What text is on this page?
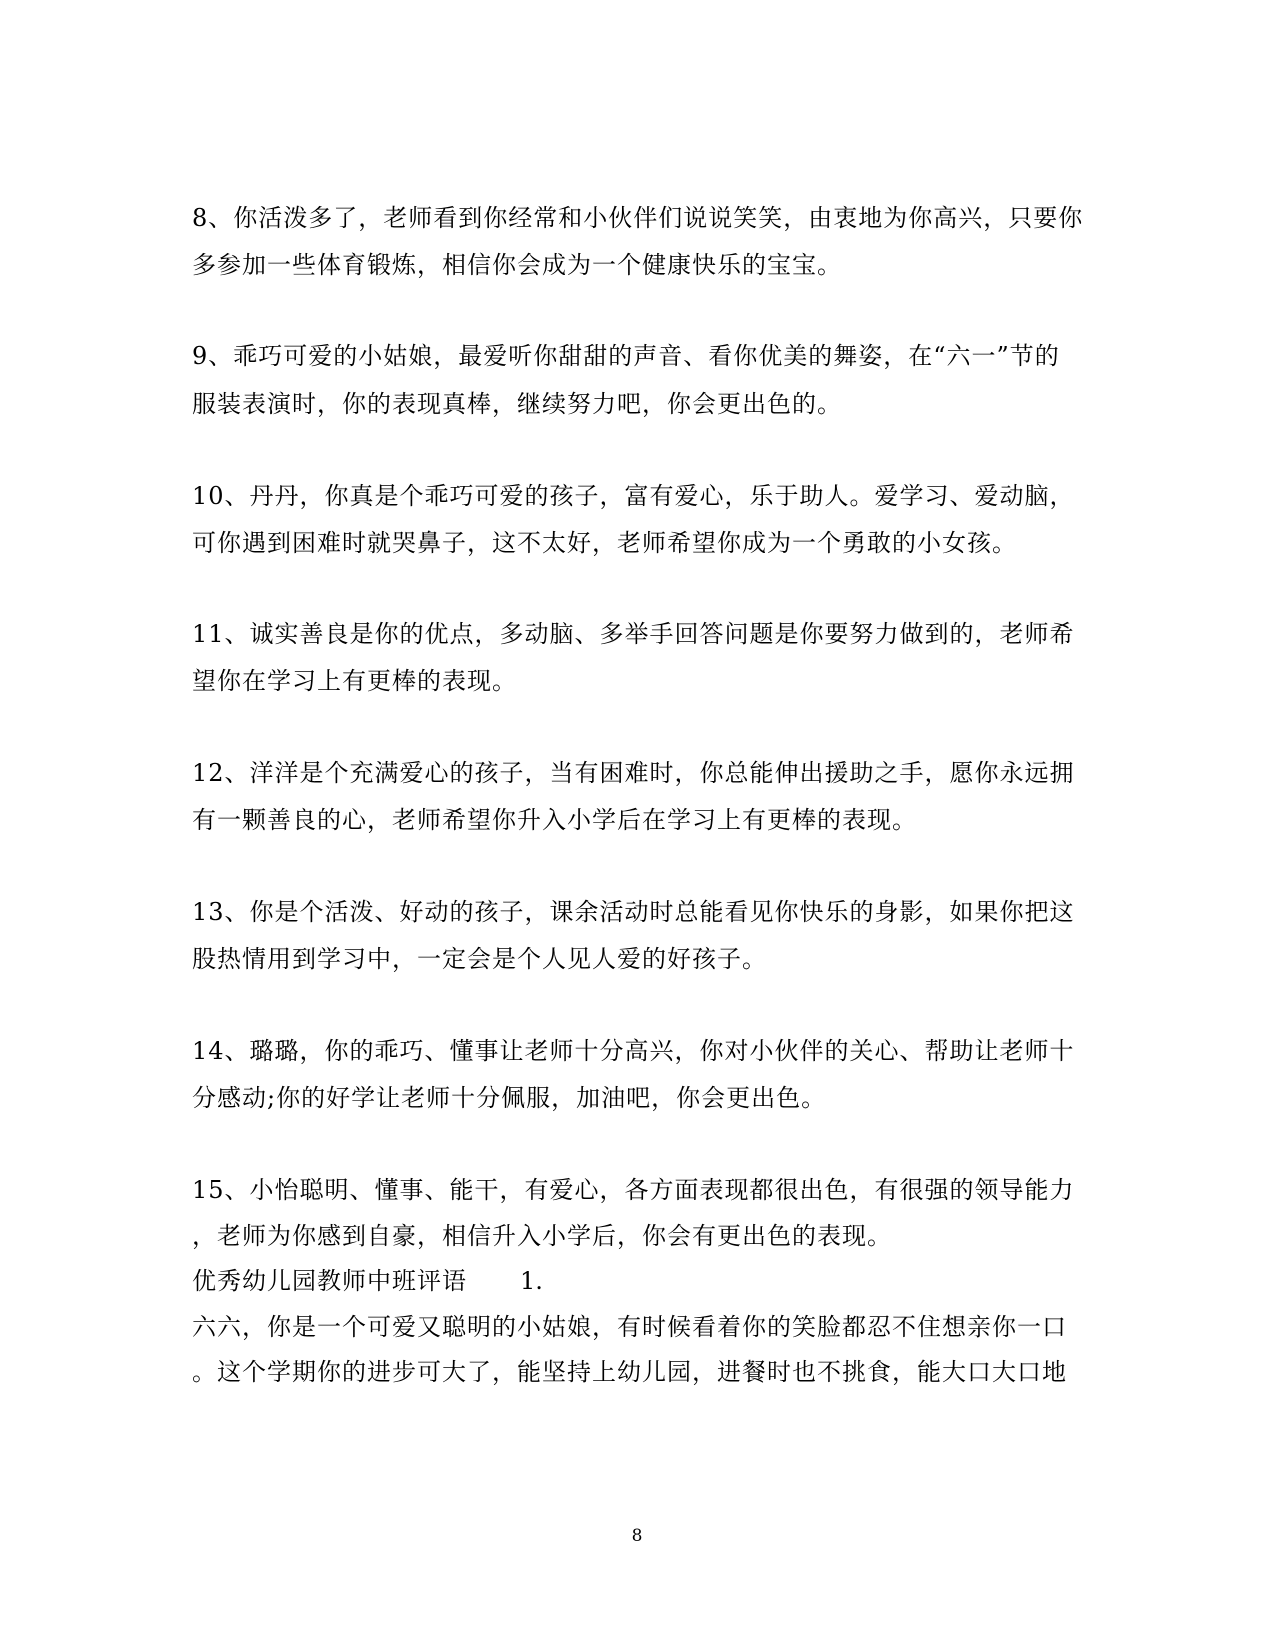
8、你活泼多了，老师看到你经常和小伙伴们说说笑笑，由衷地为你高兴，只要你
多参加一些体育锻炼，相信你会成为一个健康快乐的宝宝。
9、乖巧可爱的小姑娘，最爱听你甜甜的声音、看你优美的舞姿，在“六一”节的
服装表演时，你的表现真棒，继续努力吧，你会更出色的。
10、丹丹，你真是个乖巧可爱的孩子，富有爱心，乐于助人。爱学习、爱动脑，
可你遇到困难时就哭鼻子，这不太好，老师希望你成为一个勇敢的小女孩。
11、诚实善良是你的优点，多动脑、多举手回答问题是你要努力做到的，老师希
望你在学习上有更棒的表现。
12、洋洋是个充满爱心的孩子，当有困难时，你总能伸出援助之手，愿你永远拥
有一颗善良的心，老师希望你升入小学后在学习上有更棒的表现。
13、你是个活泼、好动的孩子，课余活动时总能看见你快乐的身影，如果你把这
股热情用到学习中，一定会是个人见人爱的好孩子。
14、璐璐，你的乖巧、懂事让老师十分高兴，你对小伙伴的关心、帮助让老师十
分感动;你的好学让老师十分佩服，加油吧，你会更出色。
15、小怡聪明、懂事、能干，有爱心，各方面表现都很出色，有很强的领导能力
，老师为你感到自豪，相信升入小学后，你会有更出色的表现。
优秀幼儿园教师中班评语 1.
六六，你是一个可爱又聪明的小姑娘，有时候看着你的笑脸都忍不住想亲你一口
。这个学期你的进步可大了，能坚持上幼儿园，进餐时也不挑食，能大口大口地
8
